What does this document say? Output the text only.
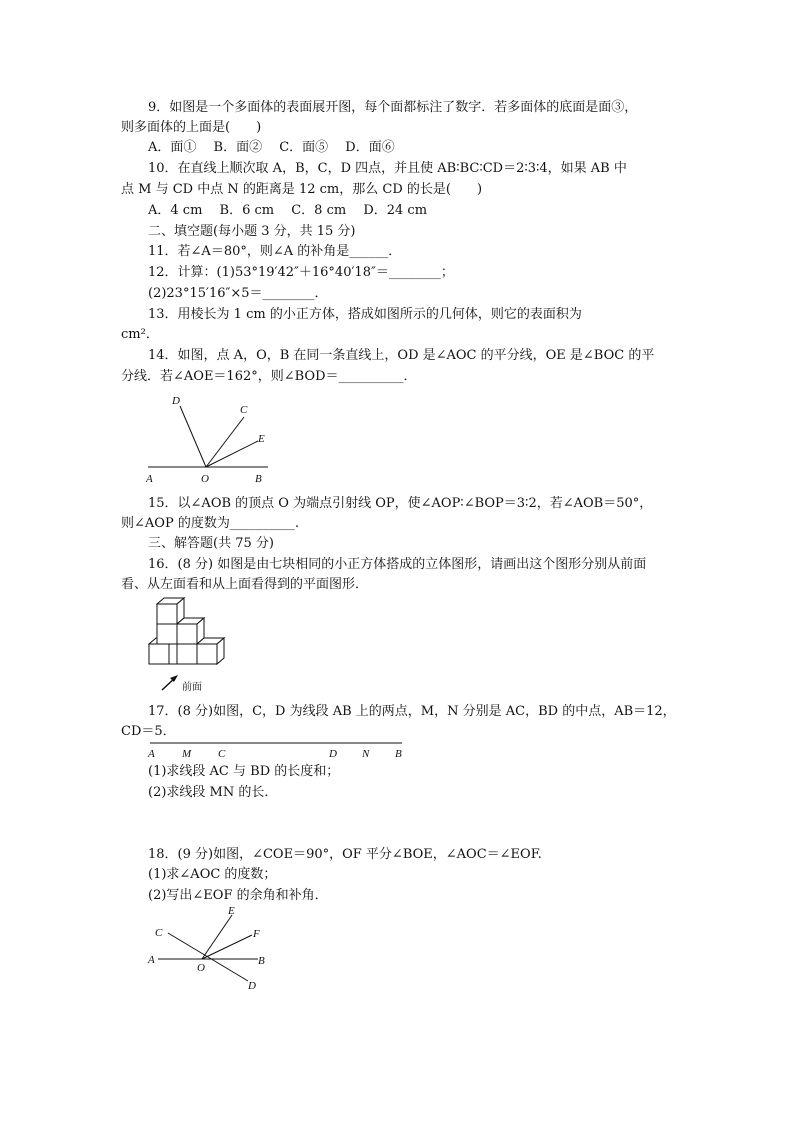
9．如图是一个多面体的表面展开图，每个面都标注了数字．若多面体的底面是面③，
则多面体的上面是(　　)
A．面①　 B．面②　 C．面⑤　 D．面⑥
10．在直线上顺次取 A，B，C，D 四点，并且使 AB∶BC∶CD＝2∶3∶4，如果 AB 中
点 M 与 CD 中点 N 的距离是 12 cm，那么 CD 的长是(　　)
A．4 cm　 B．6 cm　 C．8 cm　 D．24 cm
二、填空题(每小题 3 分，共 15 分)
11．若∠A＝80°，则∠A 的补角是______．
12．计算：(1)53°19′42″＋16°40′18″＝________；
(2)23°15′16″×5＝________．
13．用棱长为 1 cm 的小正方体，搭成如图所示的几何体，则它的表面积为
cm²．
14．如图，点 A，O，B 在同一条直线上，OD 是∠AOC 的平分线，OE 是∠BOC 的平
分线．若∠AOE＝162°，则∠BOD＝__________．
A	O	B
D
C
E
15．以∠AOB 的顶点 O 为端点引射线 OP，使∠AOP∶∠BOP＝3∶2，若∠AOB＝50°，
则∠AOP 的度数为__________.
三、解答题(共 75 分)
16．(8 分) 如图是由七块相同的小正方体搭成的立体图形，请画出这个图形分别从前面
看、从左面看和从上面看得到的平面图形．
前面
17．(8 分)如图，C，D 为线段 AB 上的两点，M，N 分别是 AC，BD 的中点，AB＝12，
CD＝5．
A M C	D N B
(1)求线段 AC 与 BD 的长度和；
(2)求线段 MN 的长．
18．(9 分)如图，∠COE＝90°，OF 平分∠BOE，∠AOC＝∠EOF.
(1)求∠AOC 的度数；
(2)写出∠EOF 的余角和补角．
A	B
C
D
E
F
O
